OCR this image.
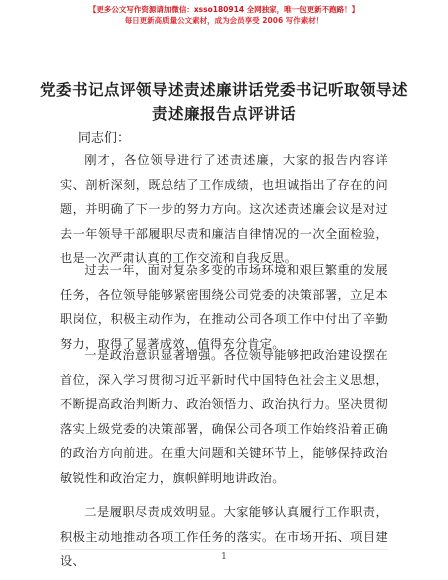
【更多公文写作资源请加微信：xsso180914 全网独家，唯一包更新不跑路！】
每日更新高质量公文素材，成为会员享受 2006 写作素材！
党委书记点评领导述责述廉讲话党委书记听取领导述责述廉报告点评讲话
同志们：

刚才，各位领导进行了述责述廉，大家的报告内容详实、剖析深刻，既总结了工作成绩，也坦诚指出了存在的问题，并明确了下一步的努力方向。这次述责述廉会议是对过去一年领导干部履职尽责和廉洁自律情况的一次全面检验，也是一次严肃认真的工作交流和自我反思。

过去一年，面对复杂多变的市场环境和艰巨繁重的发展任务，各位领导能够紧密围绕公司党委的决策部署，立足本职岗位，积极主动作为，在推动公司各项工作中付出了辛勤努力，取得了显著成效，值得充分肯定。

一是政治意识显著增强。各位领导能够把政治建设摆在首位，深入学习贯彻习近平新时代中国特色社会主义思想，不断提高政治判断力、政治领悟力、政治执行力。坚决贯彻落实上级党委的决策部署，确保公司各项工作始终沿着正确的政治方向前进。在重大问题和关键环节上，能够保持政治敏锐性和政治定力，旗帜鲜明地讲政治。

二是履职尽责成效明显。大家能够认真履行工作职责，积极主动地推动各项工作任务的落实。在市场开拓、项目建设、	1
